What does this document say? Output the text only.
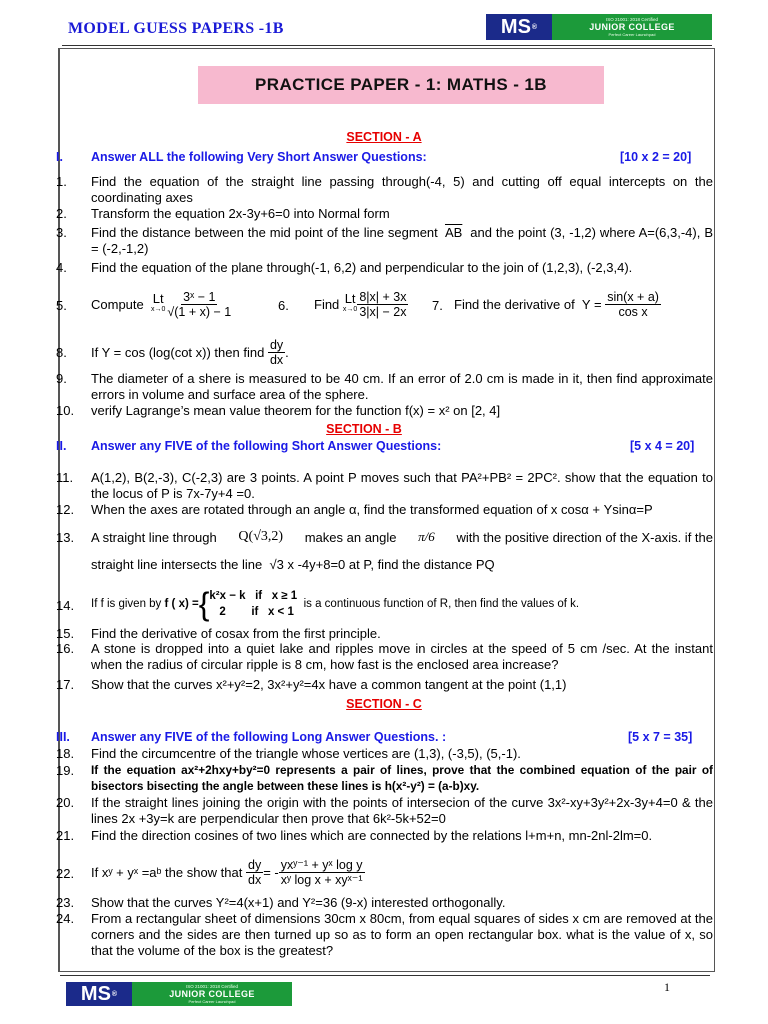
MODEL GUESS PAPERS -1B	MS ®
ISO 21001: 2018 Certified
JUNIOR COLLEGE
Perfect Career Launchpad
PRACTICE PAPER - 1: MATHS - 1B
SECTION - A
I. Answer ALL the following Very Short Answer Questions:	[10 x 2 = 20]
1. Find the equation of the straight line passing through(-4, 5) and cutting off equal intercepts on the coordinating axes
2. Transform the equation 2x-3y+6=0 into Normal form
3. Find the distance between the mid point of the line segment $\overline{AB}$ and the point (3, -1,2) where A=(6,3,-4), B = (-2,-1,2)
4. Find the equation of the plane through(-1, 6,2) and perpendicular to the join of (1,2,3), (-2,3,4).
5. Compute
Lt
$x\to 0 \frac{\text{3ˣ − 1}}{√(1 + x) - 1}$	6. Find
Lt
$x\to 0 \frac{8|x| + 3x}{3|x| - 2x} 7$. Find the derivative of
Y =
$\frac{\sin(x + a)}{\text{cos x}}$
8. If Y = cos (log(cot x)) then find
$\frac{dy}{dx}$ .
9. The diameter of a shere is measured to be 40 cm. If an error of 2.0 cm is made in it, then find approximate errors in volume and surface area of the sphere.
10. verify Lagrange’s mean value theorem for the function f(x) = x² on [2, 4]
SECTION - B
II. Answer any FIVE of the following Short Answer Questions:	[5 x 4 = 20]
11. A(1,2), B(2,-3), C(-2,3) are 3 points. A point P moves such that PA²+PB² = 2PC². show that the equation to the locus of P is 7x-7y+4 =0.
12. When the axes are rotated through an angle α, find the transformed equation of x cosα + Ysinα=P
13. A straight line through Q(√3,2) makes an angle π/6 with the positive direction of the X-axis. if the
straight line intersects the line √3 x -4y+8=0 at P, find the distance PQ
14. If f is given by
f ( x) = { k²x − k   if   x ≥ 1
2        if   x < 1

is a continuous function of R, then find the values of k.
15. Find the derivative of cosax from the first principle.
16. A stone is dropped into a quiet lake and ripples move in circles at the speed of 5 cm /sec. At the instant when the radius of circular ripple is 8 cm, how fast is the enclosed area increase?
17. Show that the curves x²+y²=2, 3x²+y²=4x have a common tangent at the point (1,1)
SECTION - C
III. Answer any FIVE of the following Long Answer Questions. :	[5 x 7 = 35]
18. Find the circumcentre of the triangle whose vertices are (1,3), (-3,5), (5,-1).
19. If the equation ax²+2hxy+by²=0 represents a pair of lines, prove that the combined equation of the pair of bisectors bisecting the angle between these lines is h(x²-y²) = (a-b)xy.
20. If the straight lines joining the origin with the points of intersecion of the curve 3x²-xy+3y²+2x-3y+4=0 & the lines 2x +3y=k are perpendicular then prove that 6k²-5k+52=0
21. Find the direction cosines of two lines which are connected by the relations l+m+n, mn-2nl-2lm=0.
22. If xʸ + yˣ =aᵇ the show that
$\frac{dy}{dx}$ = - $\frac{\text{yxʸ⁻¹ + yˣ log y}}{\text{xʸ log x + xyˣ⁻¹}}$
23. Show that the curves Y²=4(x+1) and Y²=36 (9-x) interested orthogonally.
24. From a rectangular sheet of dimensions 30cm x 80cm, from equal squares of sides x cm are removed at the corners and the sides are then turned up so as to form an open rectangular box. what is the value of x, so that the volume of the box is the greatest?
MS ®
ISO 21001: 2018 Certified
JUNIOR COLLEGE
Perfect Career Launchpad
1
